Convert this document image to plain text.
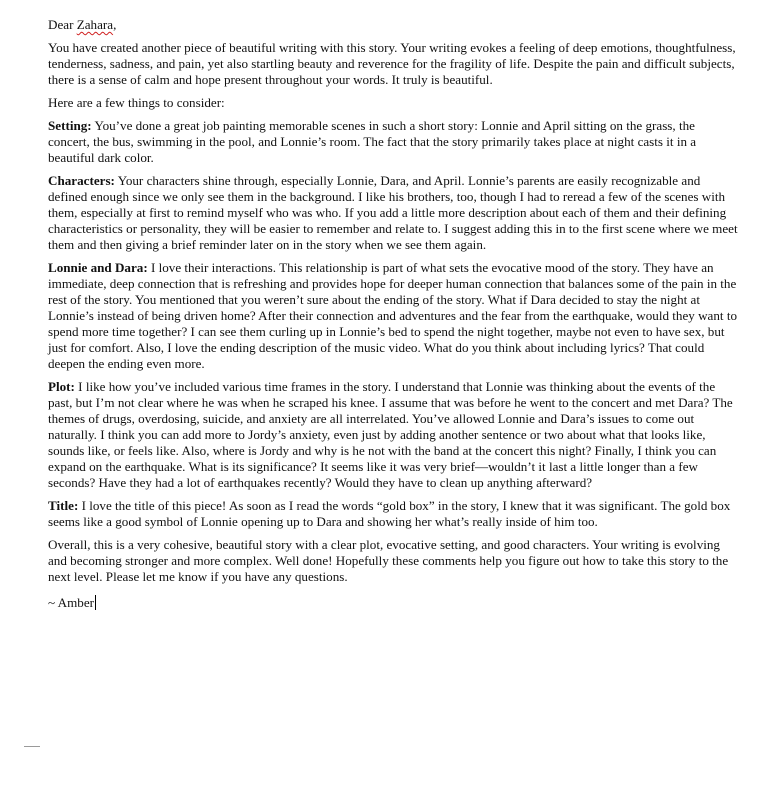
Dear Zahara,

You have created another piece of beautiful writing with this story. Your writing evokes a feeling of deep emotions, thoughtfulness, tenderness, sadness, and pain, yet also startling beauty and reverence for the fragility of life. Despite the pain and difficult subjects, there is a sense of calm and hope present throughout your words. It truly is beautiful.

Here are a few things to consider:

Setting: You’ve done a great job painting memorable scenes in such a short story: Lonnie and April sitting on the grass, the concert, the bus, swimming in the pool, and Lonnie’s room. The fact that the story primarily takes place at night casts it in a beautiful dark color.

Characters: Your characters shine through, especially Lonnie, Dara, and April. Lonnie’s parents are easily recognizable and defined enough since we only see them in the background. I like his brothers, too, though I had to reread a few of the scenes with them, especially at first to remind myself who was who. If you add a little more description about each of them and their defining characteristics or personality, they will be easier to remember and relate to. I suggest adding this in to the first scene where we meet them and then giving a brief reminder later on in the story when we see them again.

Lonnie and Dara: I love their interactions. This relationship is part of what sets the evocative mood of the story. They have an immediate, deep connection that is refreshing and provides hope for deeper human connection that balances some of the pain in the rest of the story. You mentioned that you weren’t sure about the ending of the story. What if Dara decided to stay the night at Lonnie’s instead of being driven home? After their connection and adventures and the fear from the earthquake, would they want to spend more time together? I can see them curling up in Lonnie’s bed to spend the night together, maybe not even to have sex, but just for comfort. Also, I love the ending description of the music video. What do you think about including lyrics? That could deepen the ending even more.

Plot: I like how you’ve included various time frames in the story. I understand that Lonnie was thinking about the events of the past, but I’m not clear where he was when he scraped his knee. I assume that was before he went to the concert and met Dara? The themes of drugs, overdosing, suicide, and anxiety are all interrelated. You’ve allowed Lonnie and Dara’s issues to come out naturally. I think you can add more to Jordy’s anxiety, even just by adding another sentence or two about what that looks like, sounds like, or feels like. Also, where is Jordy and why is he not with the band at the concert this night? Finally, I think you can expand on the earthquake. What is its significance? It seems like it was very brief—wouldn’t it last a little longer than a few seconds? Have they had a lot of earthquakes recently? Would they have to clean up anything afterward?

Title: I love the title of this piece! As soon as I read the words “gold box” in the story, I knew that it was significant. The gold box seems like a good symbol of Lonnie opening up to Dara and showing her what’s really inside of him too.

Overall, this is a very cohesive, beautiful story with a clear plot, evocative setting, and good characters. Your writing is evolving and becoming stronger and more complex. Well done! Hopefully these comments help you figure out how to take this story to the next level. Please let me know if you have any questions.

~ Amber
